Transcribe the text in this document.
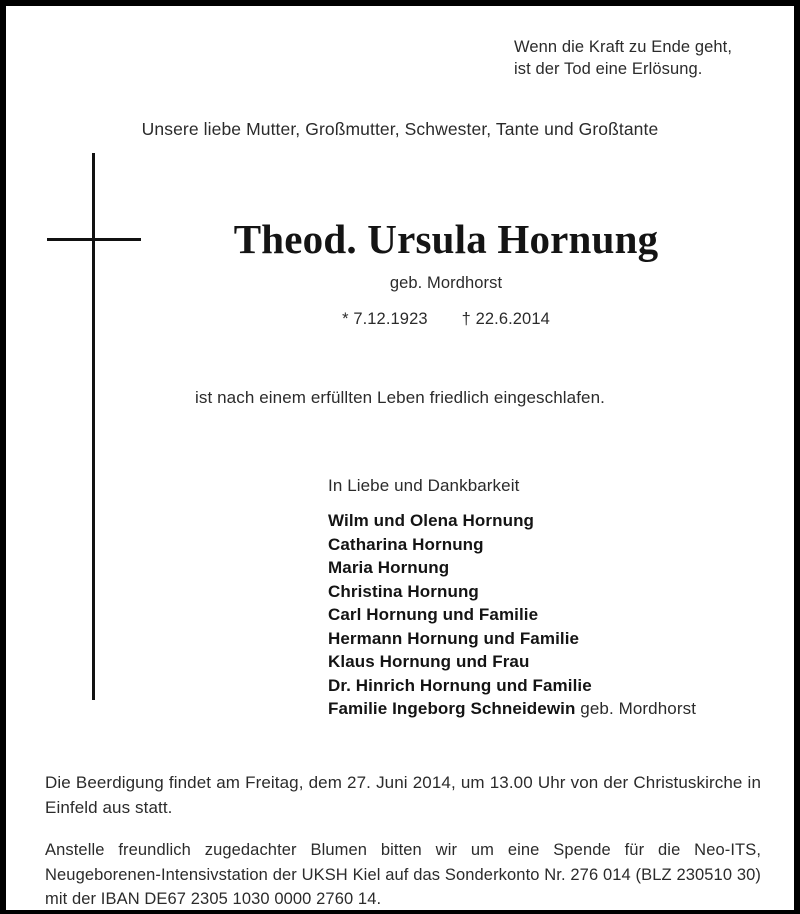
Wenn die Kraft zu Ende geht,
ist der Tod eine Erlösung.
Unsere liebe Mutter, Großmutter, Schwester, Tante und Großtante
Theod. Ursula Hornung
geb. Mordhorst
* 7.12.1923 † 22.6.2014
ist nach einem erfüllten Leben friedlich eingeschlafen.
In Liebe und Dankbarkeit
Wilm und Olena Hornung
Catharina Hornung
Maria Hornung
Christina Hornung
Carl Hornung und Familie
Hermann Hornung und Familie
Klaus Hornung und Frau
Dr. Hinrich Hornung und Familie
Familie Ingeborg Schneidewin geb. Mordhorst

Die Beerdigung findet am Freitag, dem 27. Juni 2014, um 13.00 Uhr von der Christuskirche in Einfeld aus statt.

Anstelle freundlich zugedachter Blumen bitten wir um eine Spende für die Neo-ITS, Neugeborenen-Intensivstation der UKSH Kiel auf das Sonderkonto Nr. 276 014 (BLZ 230510 30) mit der IBAN DE67 2305 1030 0000 2760 14.
